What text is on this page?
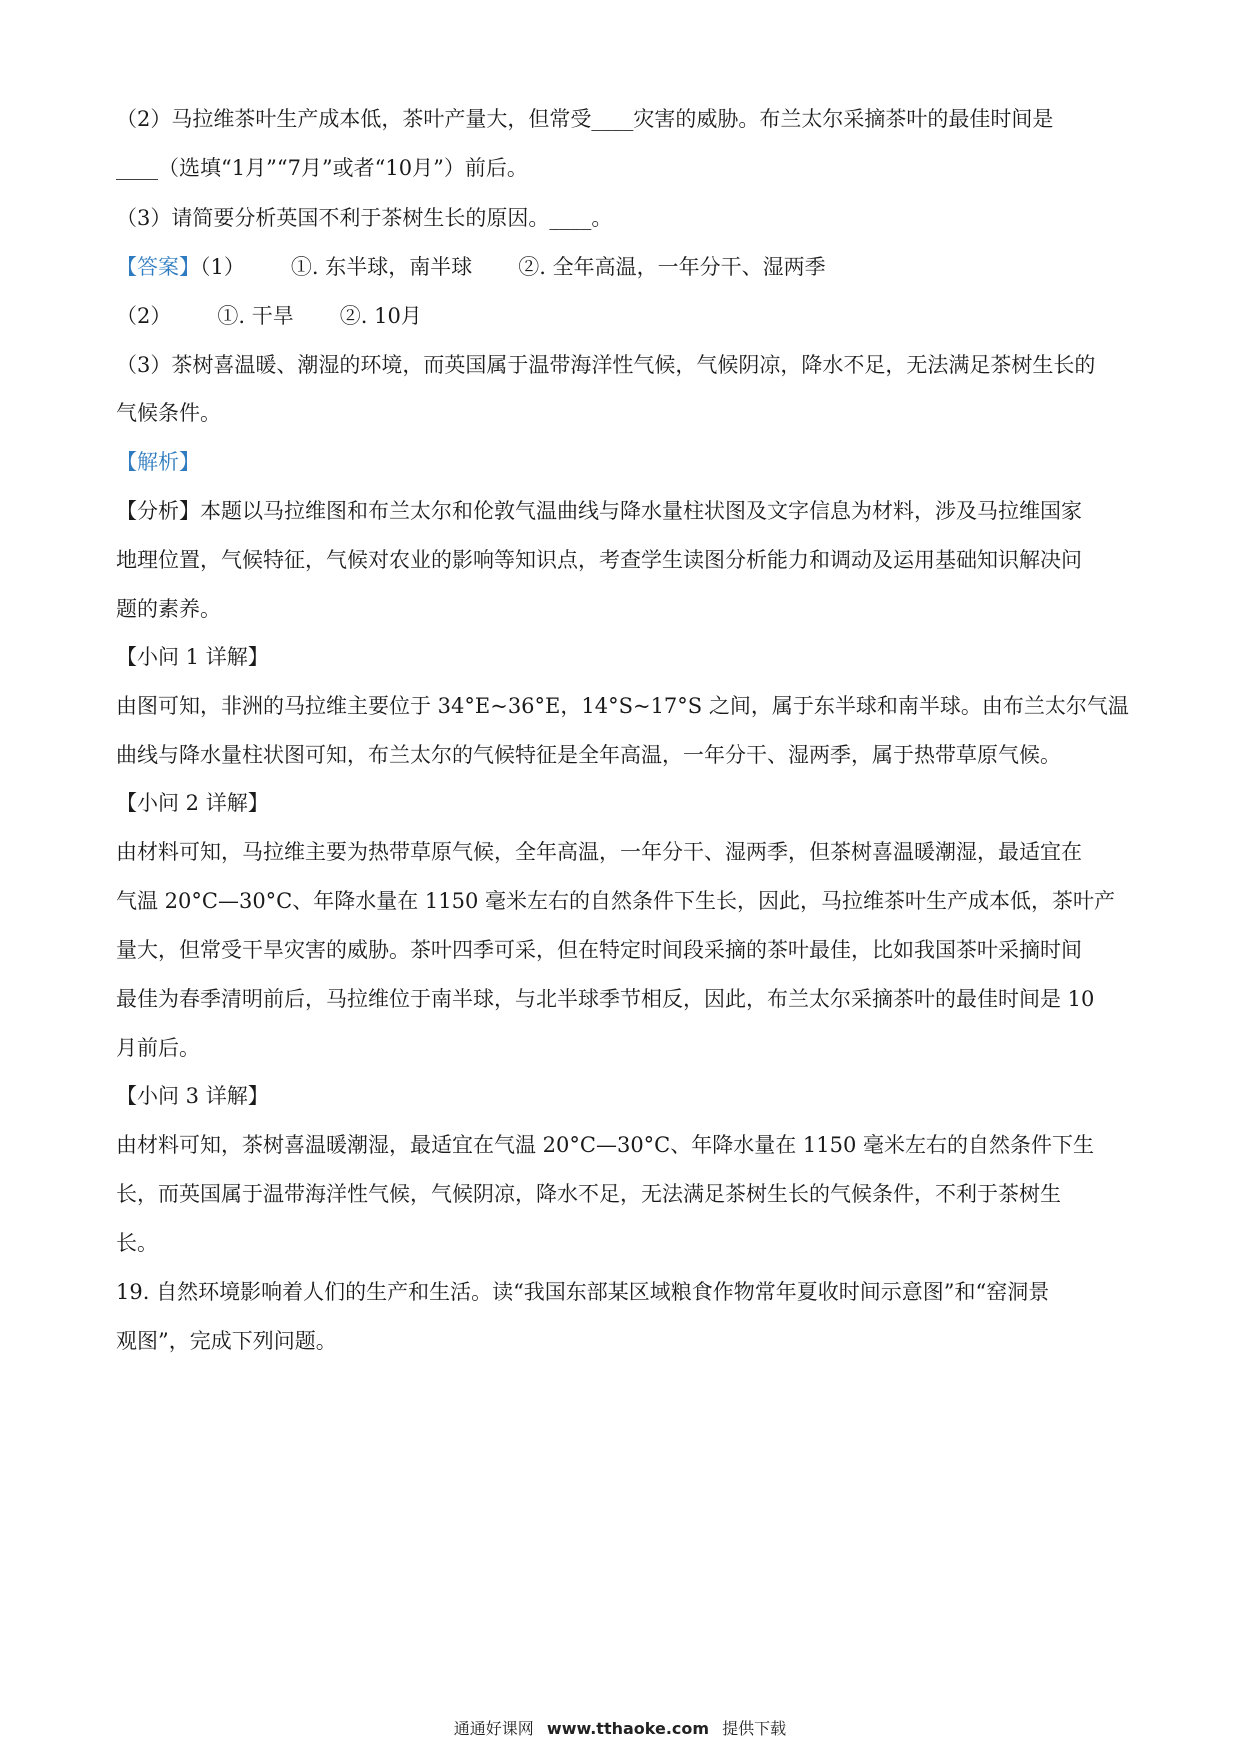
（2）马拉维茶叶生产成本低，茶叶产量大，但常受____灾害的威胁。布兰太尔采摘茶叶的最佳时间是
____（选填“1月”“7月”或者“10月”）前后。
（3）请简要分析英国不利于茶树生长的原因。____。
【答案】（1） ①. 东半球，南半球 ②. 全年高温，一年分干、湿两季
（2） ①. 干旱 ②. 10月
（3）茶树喜温暖、潮湿的环境，而英国属于温带海洋性气候，气候阴凉，降水不足，无法满足茶树生长的
气候条件。
【解析】
【分析】本题以马拉维图和布兰太尔和伦敦气温曲线与降水量柱状图及文字信息为材料，涉及马拉维国家
地理位置，气候特征，气候对农业的影响等知识点，考查学生读图分析能力和调动及运用基础知识解决问
题的素养。
【小问 1 详解】
由图可知，非洲的马拉维主要位于 34°E~36°E，14°S~17°S 之间，属于东半球和南半球。由布兰太尔气温
曲线与降水量柱状图可知，布兰太尔的气候特征是全年高温，一年分干、湿两季，属于热带草原气候。
【小问 2 详解】
由材料可知，马拉维主要为热带草原气候，全年高温，一年分干、湿两季，但茶树喜温暖潮湿，最适宜在
气温 20°C—30°C、年降水量在 1150 毫米左右的自然条件下生长，因此，马拉维茶叶生产成本低，茶叶产
量大，但常受干旱灾害的威胁。茶叶四季可采，但在特定时间段采摘的茶叶最佳，比如我国茶叶采摘时间
最佳为春季清明前后，马拉维位于南半球，与北半球季节相反，因此，布兰太尔采摘茶叶的最佳时间是 10
月前后。
【小问 3 详解】
由材料可知，茶树喜温暖潮湿，最适宜在气温 20°C—30°C、年降水量在 1150 毫米左右的自然条件下生
长，而英国属于温带海洋性气候，气候阴凉，降水不足，无法满足茶树生长的气候条件，不利于茶树生
长。
19. 自然环境影响着人们的生产和生活。读“我国东部某区域粮食作物常年夏收时间示意图”和“窑洞景
观图”，完成下列问题。
通通好课网 www.tthaoke.com 提供下载
